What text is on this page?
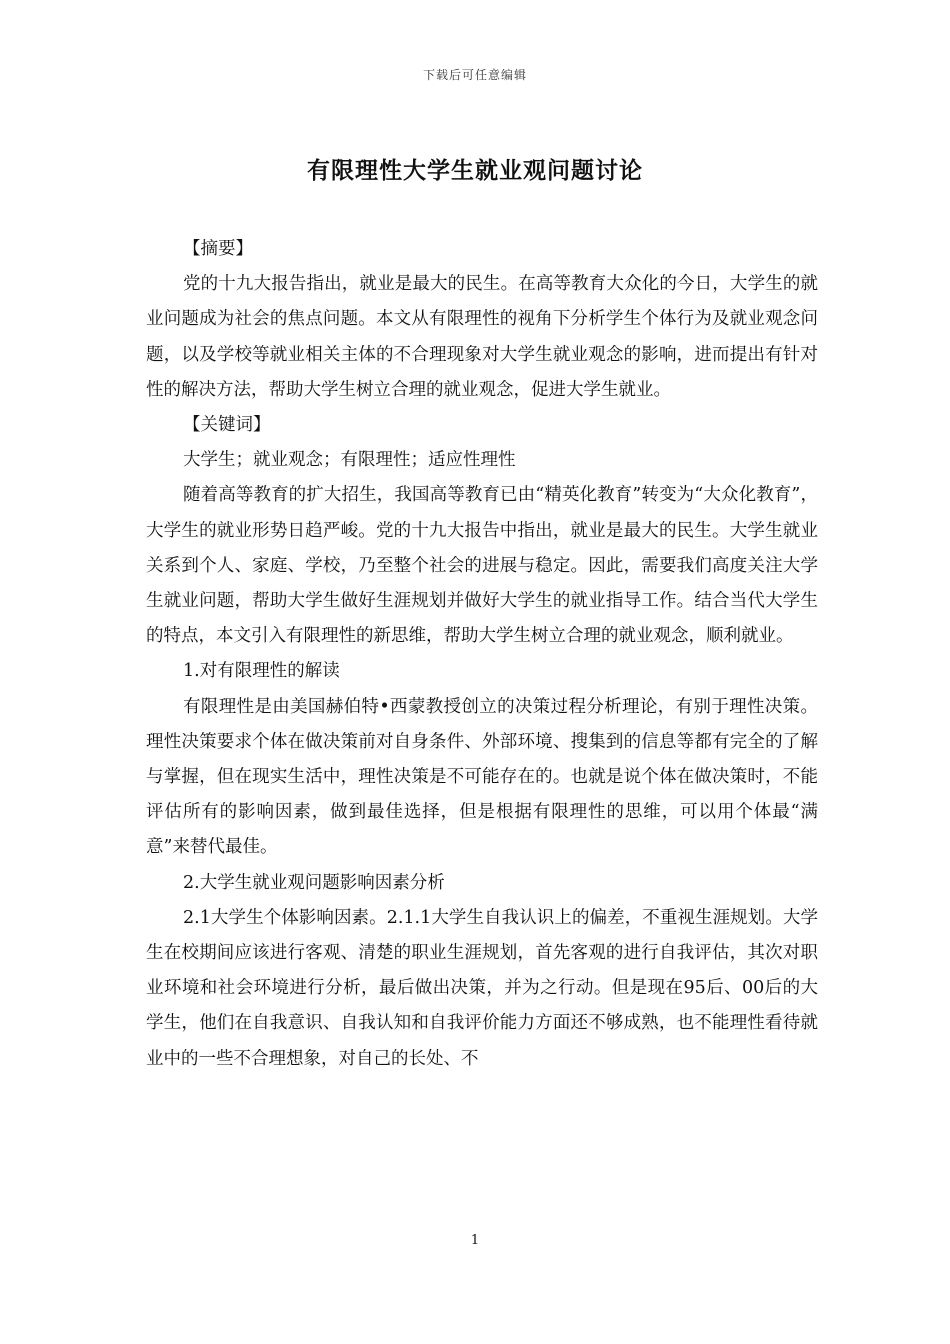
下载后可任意编辑
有限理性大学生就业观问题讨论

【摘要】

党的十九大报告指出，就业是最大的民生。在高等教育大众化的今日，大学生的就业问题成为社会的焦点问题。本文从有限理性的视角下分析学生个体行为及就业观念问题，以及学校等就业相关主体的不合理现象对大学生就业观念的影响，进而提出有针对性的解决方法，帮助大学生树立合理的就业观念，促进大学生就业。

【关键词】

大学生；就业观念；有限理性；适应性理性

随着高等教育的扩大招生，我国高等教育已由“精英化教育”转变为“大众化教育”，大学生的就业形势日趋严峻。党的十九大报告中指出，就业是最大的民生。大学生就业关系到个人、家庭、学校，乃至整个社会的进展与稳定。因此，需要我们高度关注大学生就业问题，帮助大学生做好生涯规划并做好大学生的就业指导工作。结合当代大学生的特点，本文引入有限理性的新思维，帮助大学生树立合理的就业观念，顺利就业。

1.对有限理性的解读

有限理性是由美国赫伯特•西蒙教授创立的决策过程分析理论，有别于理性决策。理性决策要求个体在做决策前对自身条件、外部环境、搜集到的信息等都有完全的了解与掌握，但在现实生活中，理性决策是不可能存在的。也就是说个体在做决策时，不能评估所有的影响因素，做到最佳选择，但是根据有限理性的思维，可以用个体最“满意”来替代最佳。

2.大学生就业观问题影响因素分析

2.1大学生个体影响因素。2.1.1大学生自我认识上的偏差，不重视生涯规划。大学生在校期间应该进行客观、清楚的职业生涯规划，首先客观的进行自我评估，其次对职业环境和社会环境进行分析，最后做出决策，并为之行动。但是现在95后、00后的大学生，他们在自我意识、自我认知和自我评价能力方面还不够成熟，也不能理性看待就业中的一些不合理想象，对自己的长处、不

1
